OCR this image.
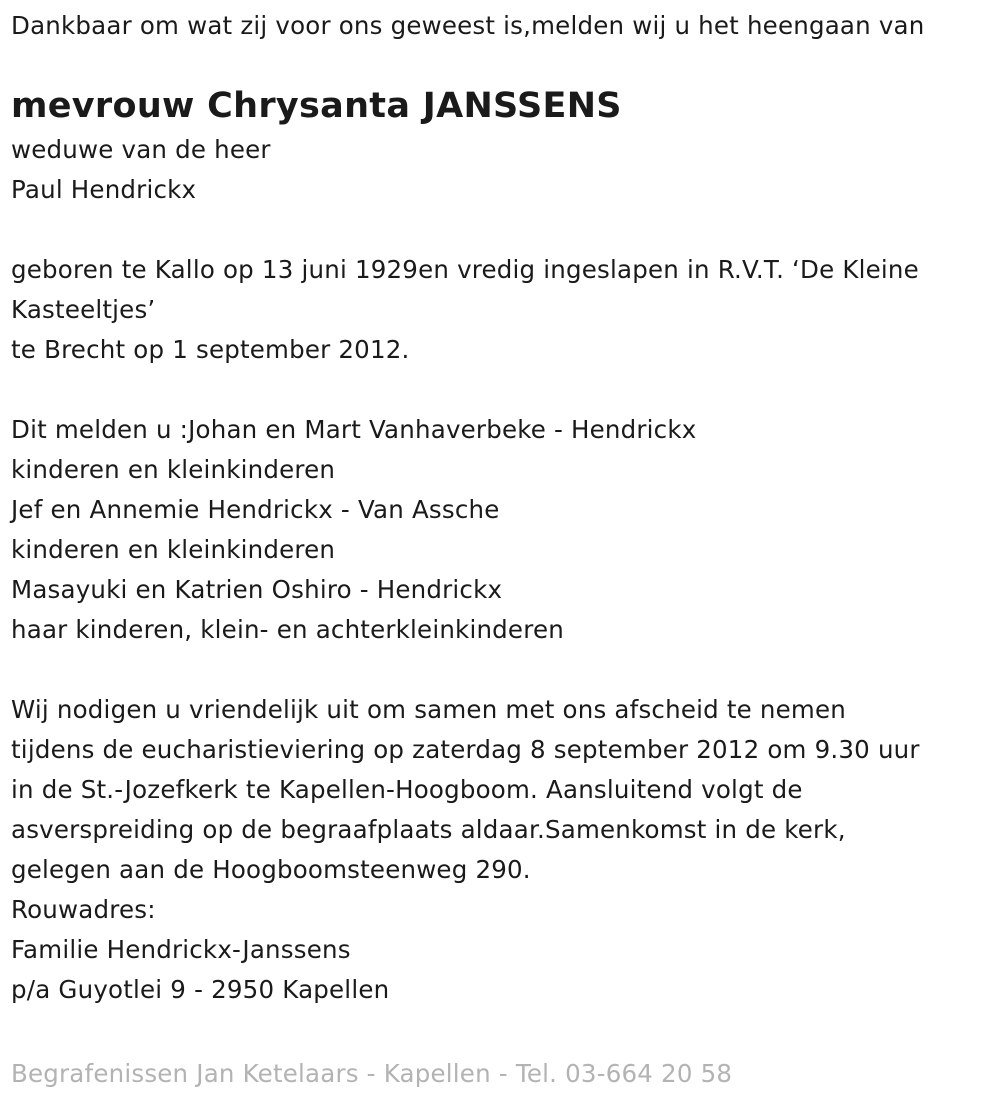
Dankbaar om wat zij voor ons geweest is,melden wij u het heengaan van
mevrouw Chrysanta JANSSENS
weduwe van de heer
Paul Hendrickx
geboren te Kallo op 13 juni 1929en vredig ingeslapen in R.V.T. ‘De Kleine Kasteeltjes’
te Brecht op 1 september 2012.
Dit melden u :Johan en Mart Vanhaverbeke - Hendrickx
kinderen en kleinkinderen
Jef en Annemie Hendrickx - Van Assche
kinderen en kleinkinderen
Masayuki en Katrien Oshiro - Hendrickx
haar kinderen, klein- en achterkleinkinderen
Wij nodigen u vriendelijk uit om samen met ons afscheid te nemen
tijdens de eucharistieviering op zaterdag 8 september 2012 om 9.30 uur
in de St.-Jozefkerk te Kapellen-Hoogboom. Aansluitend volgt de
asverspreiding op de begraafplaats aldaar.Samenkomst in de kerk,
gelegen aan de Hoogboomsteenweg 290.
Rouwadres:
Familie Hendrickx-Janssens
p/a Guyotlei 9 - 2950 Kapellen
Begrafenissen Jan Ketelaars - Kapellen - Tel. 03-664 20 58
